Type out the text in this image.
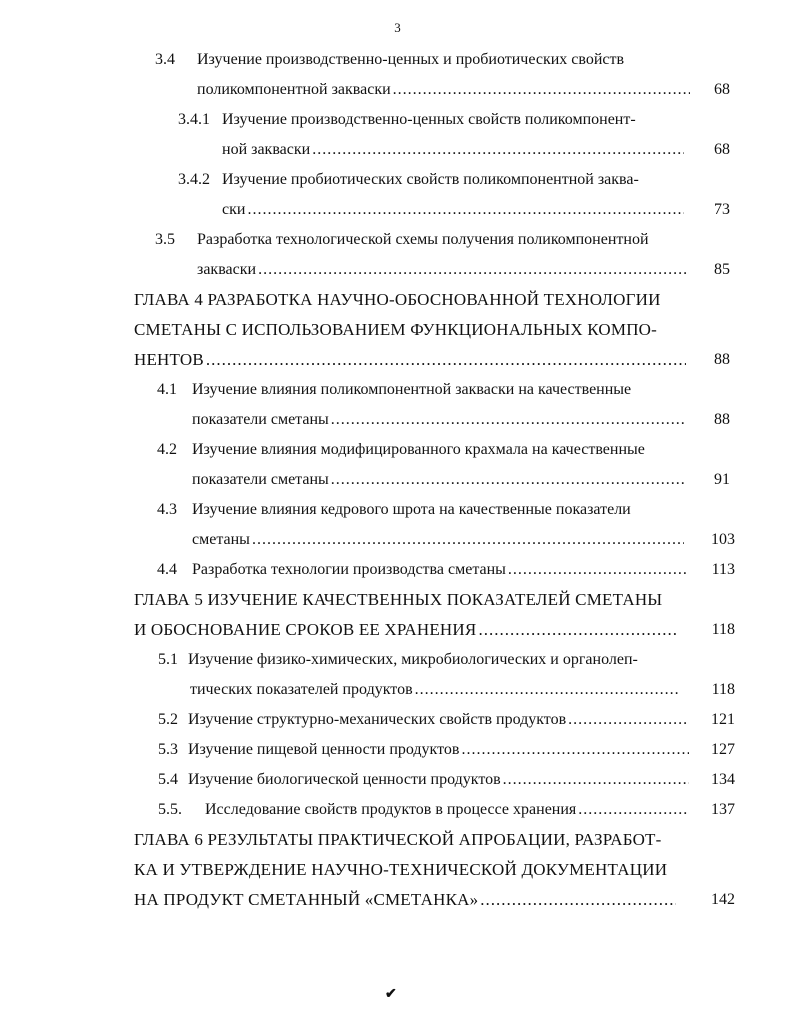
3
3.4 Изучение производственно-ценных и пробиотических свойств
поликомпонентной закваски .....	68
3.4.1 Изучение производственно-ценных свойств поликомпонент-
ной закваски .....	68
3.4.2 Изучение пробиотических свойств поликомпонентной заква-
ски .....	73
3.5 Разработка технологической схемы получения поликомпонентной
закваски .....	85
ГЛАВА 4 РАЗРАБОТКА НАУЧНО-ОБОСНОВАННОЙ ТЕХНОЛОГИИ
СМЕТАНЫ С ИСПОЛЬЗОВАНИЕМ ФУНКЦИОНАЛЬНЫХ КОМПО-
НЕНТОВ .....	88
4.1 Изучение влияния поликомпонентной закваски на качественные
показатели сметаны .....	88
4.2 Изучение влияния модифицированного крахмала на качественные
показатели сметаны .....	91
4.3 Изучение влияния кедрового шрота на качественные показатели
сметаны .....	103
4.4 Разработка технологии производства сметаны .....	113
ГЛАВА 5 ИЗУЧЕНИЕ КАЧЕСТВЕННЫХ ПОКАЗАТЕЛЕЙ СМЕТАНЫ
И ОБОСНОВАНИЕ СРОКОВ ЕЕ ХРАНЕНИЯ .....	118
5.1 Изучение физико-химических, микробиологических и органолеп-
тических показателей продуктов .....	118
5.2 Изучение структурно-механических свойств продуктов .....	121
5.3 Изучение пищевой ценности продуктов .....	127
5.4 Изучение биологической ценности продуктов .....	134
5.5. Исследование свойств продуктов в процессе хранения .....	137
ГЛАВА 6 РЕЗУЛЬТАТЫ ПРАКТИЧЕСКОЙ АПРОБАЦИИ, РАЗРАБОТ-
КА И УТВЕРЖДЕНИЕ НАУЧНО-ТЕХНИЧЕСКОЙ ДОКУМЕНТАЦИИ
НА ПРОДУКТ СМЕТАННЫЙ «СМЕТАНКА» .....	142
✔
